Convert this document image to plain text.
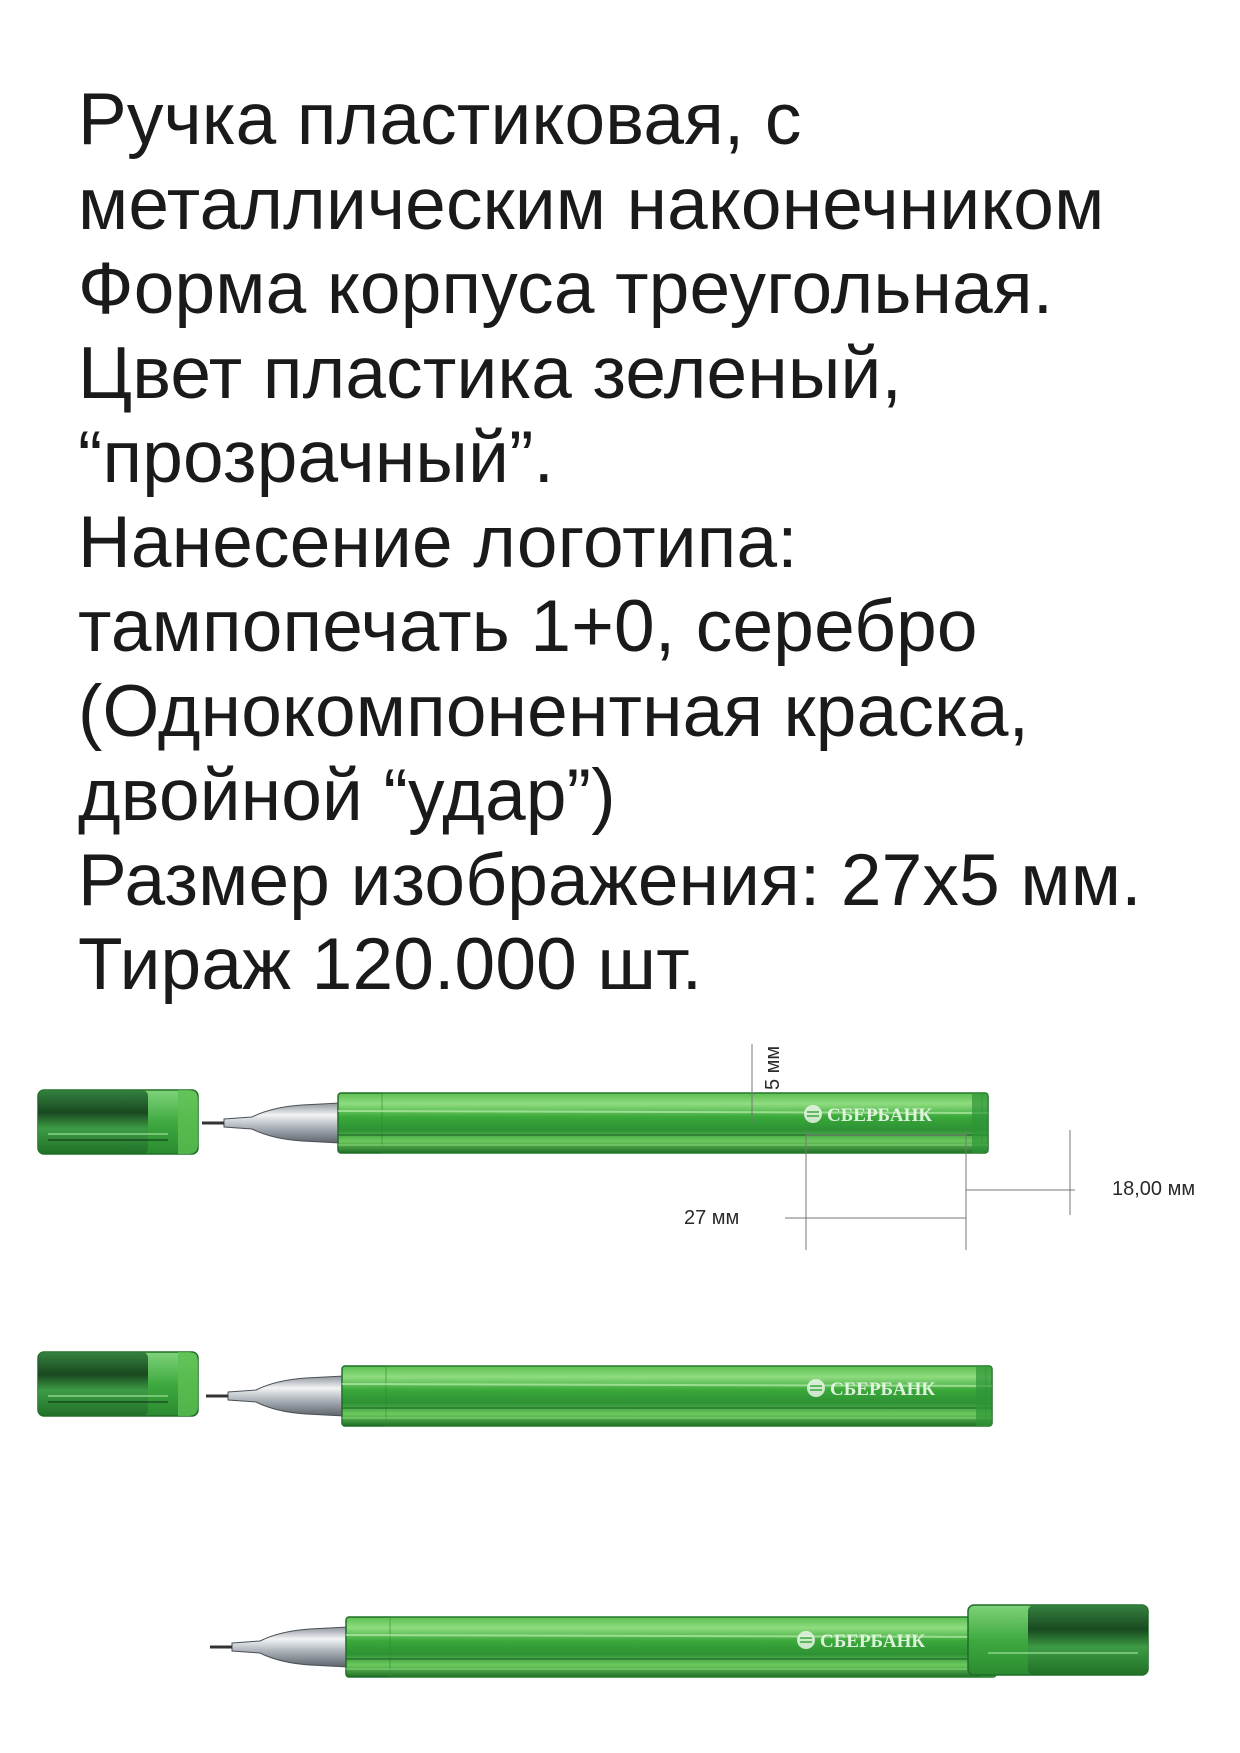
Ручка пластиковая, с
металлическим наконечником
Форма корпуса треугольная.
Цвет пластика зеленый,
“прозрачный”.
Нанесение логотипа:
тампопечать 1+0, серебро
(Однокомпонентная краска,
двойной “удар”)
Размер изображения: 27х5 мм.
Тираж 120.000 шт.
СБЕРБАНК
5 мм
27 мм
18,00 мм
